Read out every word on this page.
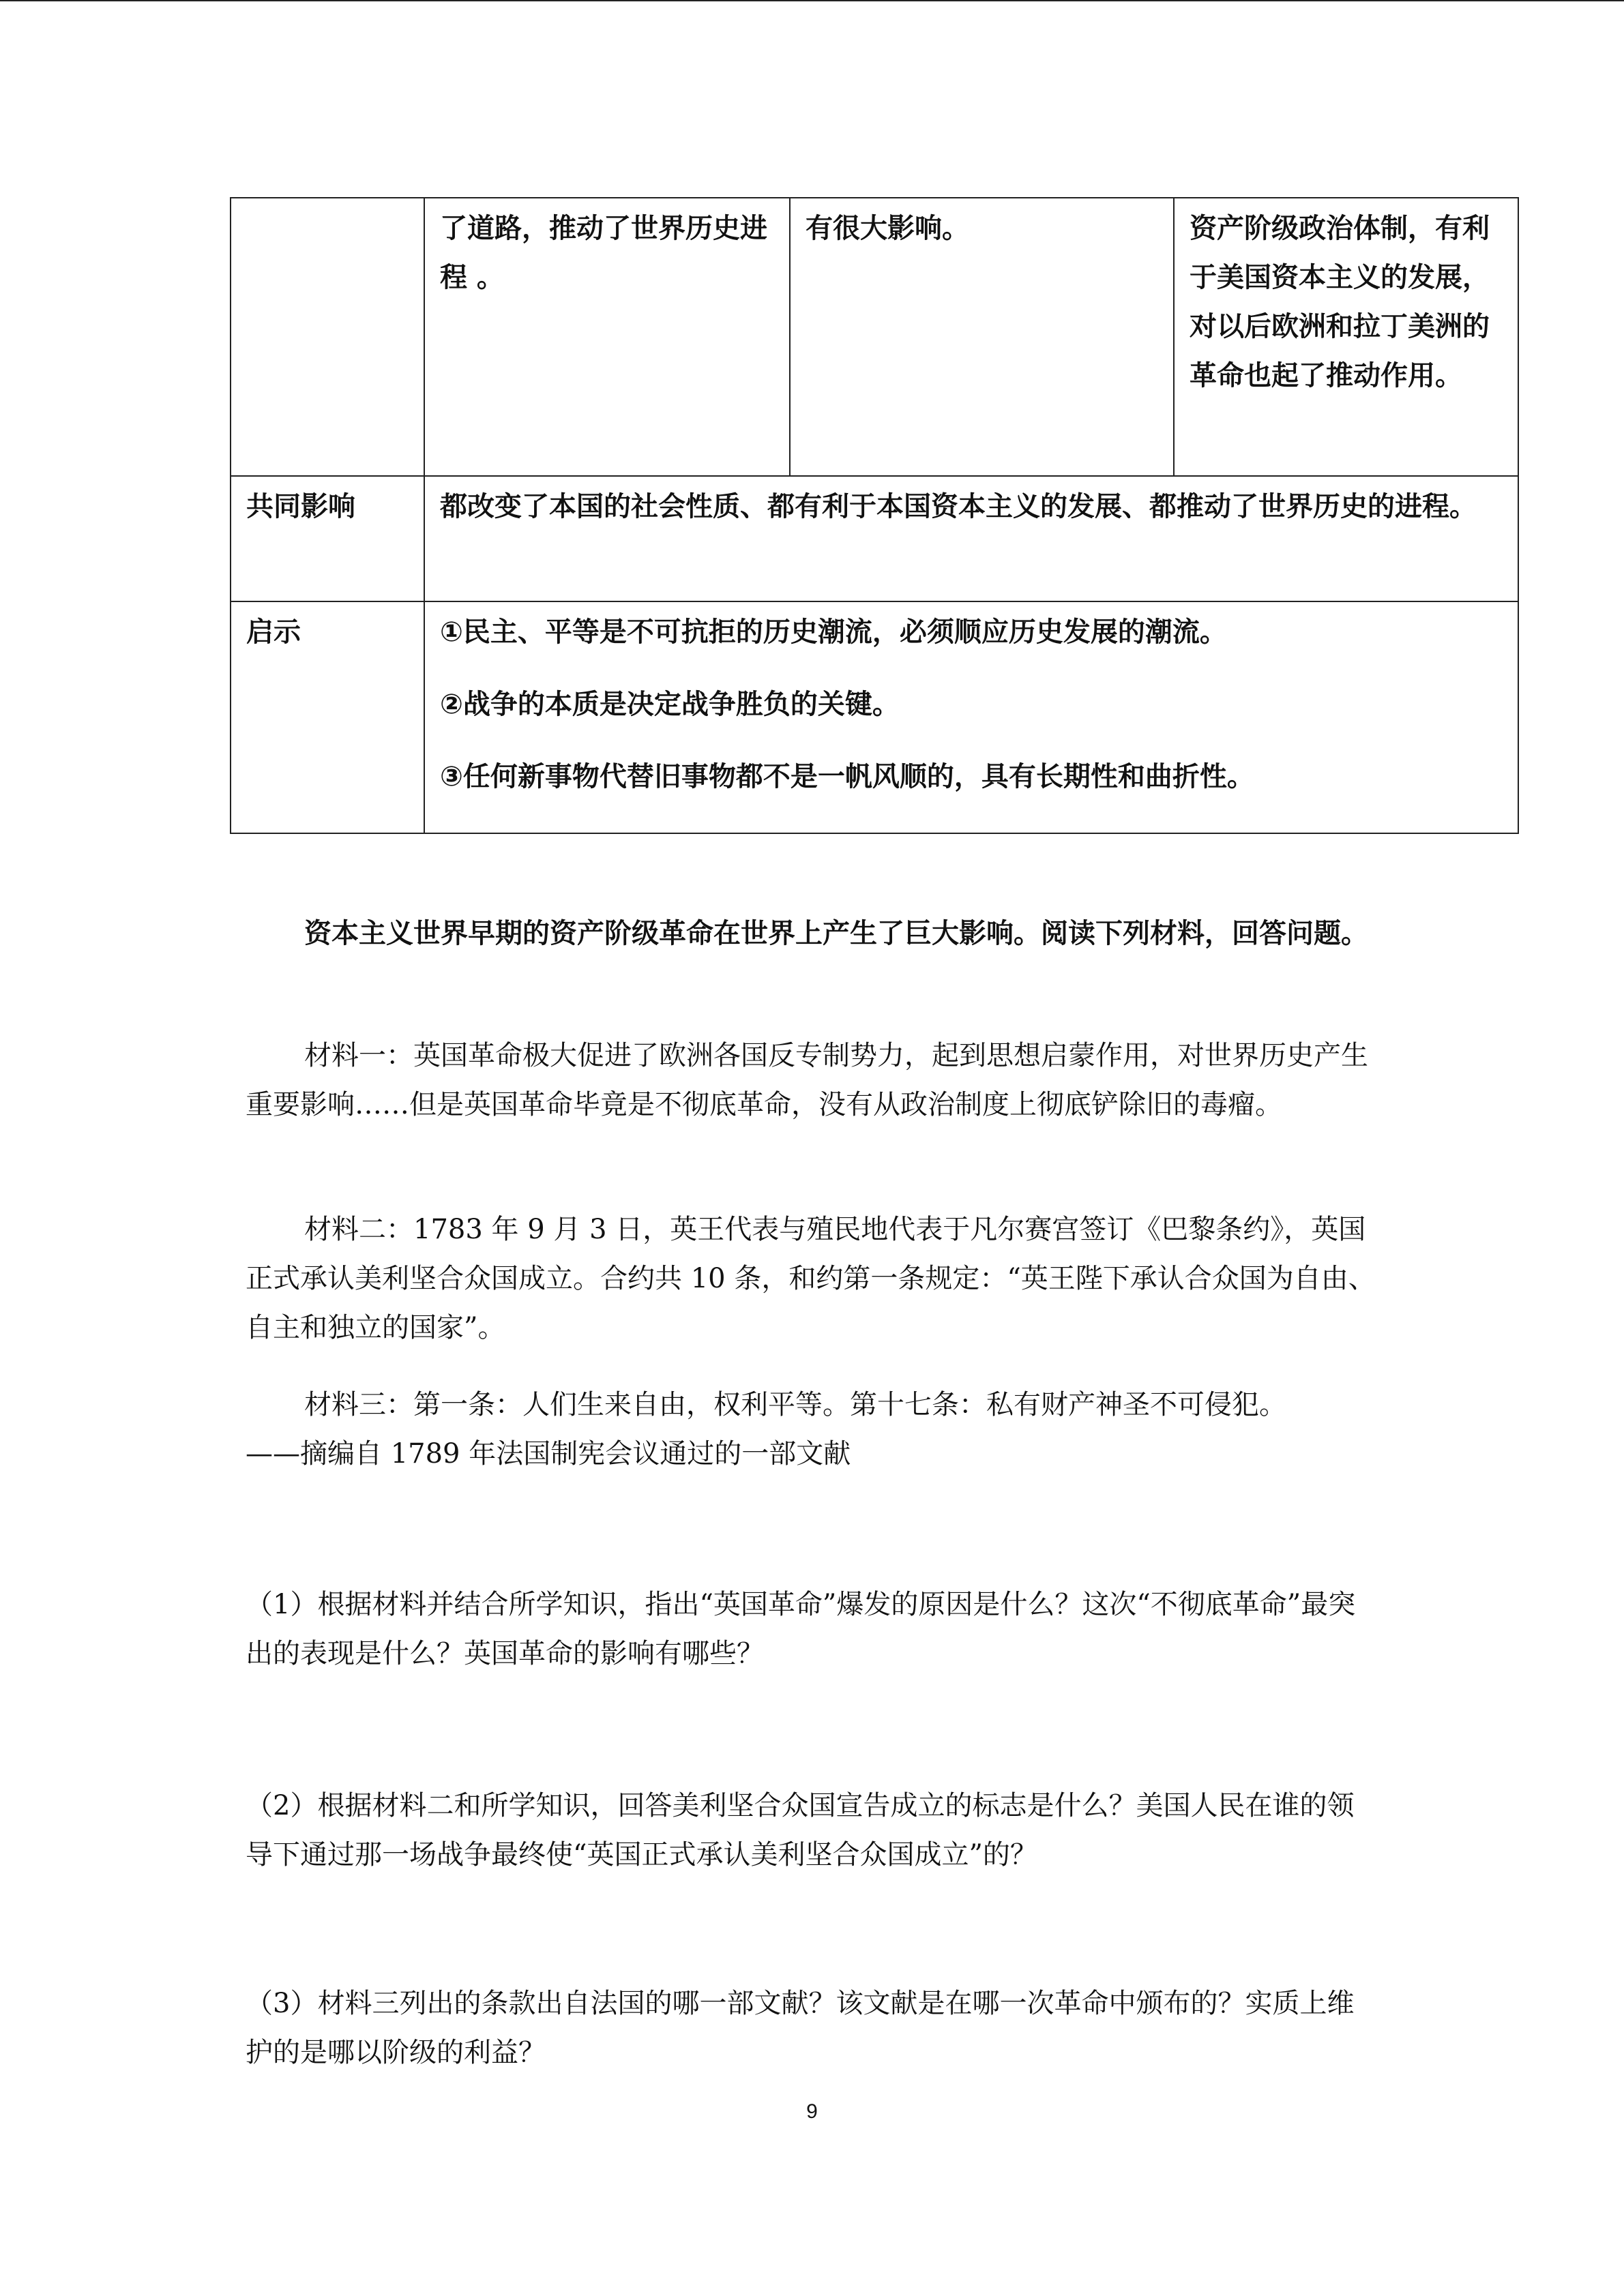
	了道路，推动了世界历史进程 。	有很大影响。	资产阶级政治体制，有利于美国资本主义的发展，对以后欧洲和拉丁美洲的革命也起了推动作用。
共同影响	都改变了本国的社会性质、都有利于本国资本主义的发展、都推动了世界历史的进程。		
启示	①民主、平等是不可抗拒的历史潮流，必须顺应历史发展的潮流。

②战争的本质是决定战争胜负的关键。

③任何新事物代替旧事物都不是一帆风顺的，具有长期性和曲折性。		

资本主义世界早期的资产阶级革命在世界上产生了巨大影响。阅读下列材料，回答问题。

材料一：英国革命极大促进了欧洲各国反专制势力，起到思想启蒙作用，对世界历史产生重要影响……但是英国革命毕竟是不彻底革命，没有从政治制度上彻底铲除旧的毒瘤。

材料二：1783 年 9 月 3 日，英王代表与殖民地代表于凡尔赛宫签订《巴黎条约》，英国正式承认美利坚合众国成立。合约共 10 条，和约第一条规定：“英王陛下承认合众国为自由、自主和独立的国家”。

材料三：第一条：人们生来自由，权利平等。第十七条：私有财产神圣不可侵犯。
——摘编自 1789 年法国制宪会议通过的一部文献

（1）根据材料并结合所学知识，指出“英国革命”爆发的原因是什么？这次“不彻底革命”最突出的表现是什么？英国革命的影响有哪些？

（2）根据材料二和所学知识，回答美利坚合众国宣告成立的标志是什么？美国人民在谁的领导下通过那一场战争最终使“英国正式承认美利坚合众国成立”的？

（3）材料三列出的条款出自法国的哪一部文献？该文献是在哪一次革命中颁布的？实质上维护的是哪以阶级的利益？

9
